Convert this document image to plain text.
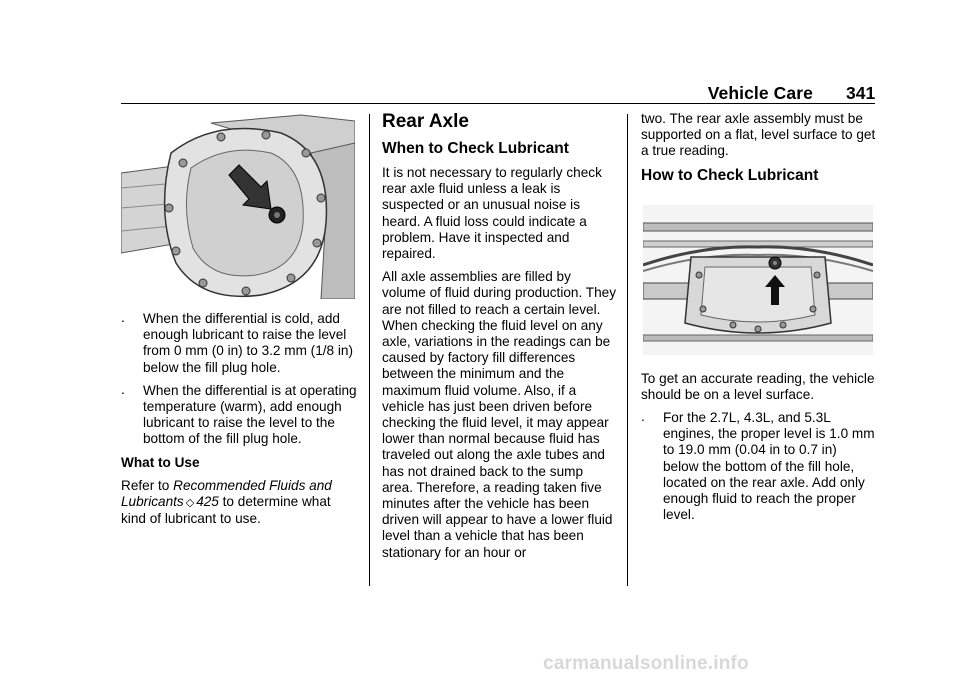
Vehicle Care 341
. When the differential is cold, add enough lubricant to raise the level from 0 mm (0 in) to 3.2 mm (1/8 in) below the fill plug hole.
. When the differential is at operating temperature (warm), add enough lubricant to raise the level to the bottom of the fill plug hole.

What to Use

Refer to Recommended Fluids and Lubricants ◇ 425 to determine what kind of lubricant to use.

Rear Axle

When to Check Lubricant

It is not necessary to regularly check rear axle fluid unless a leak is suspected or an unusual noise is heard. A fluid loss could indicate a problem. Have it inspected and repaired.

All axle assemblies are filled by volume of fluid during production. They are not filled to reach a certain level. When checking the fluid level on any axle, variations in the readings can be caused by factory fill differences between the minimum and the maximum fluid volume. Also, if a vehicle has just been driven before checking the fluid level, it may appear lower than normal because fluid has traveled out along the axle tubes and has not drained back to the sump area. Therefore, a reading taken five minutes after the vehicle has been driven will appear to have a lower fluid level than a vehicle that has been stationary for an hour or

two. The rear axle assembly must be supported on a flat, level surface to get a true reading.

How to Check Lubricant

To get an accurate reading, the vehicle should be on a level surface.

. For the 2.7L, 4.3L, and 5.3L engines, the proper level is 1.0 mm to 19.0 mm (0.04 in to 0.7 in) below the bottom of the fill hole, located on the rear axle. Add only enough fluid to reach the proper level.
carmanualsonline.info
